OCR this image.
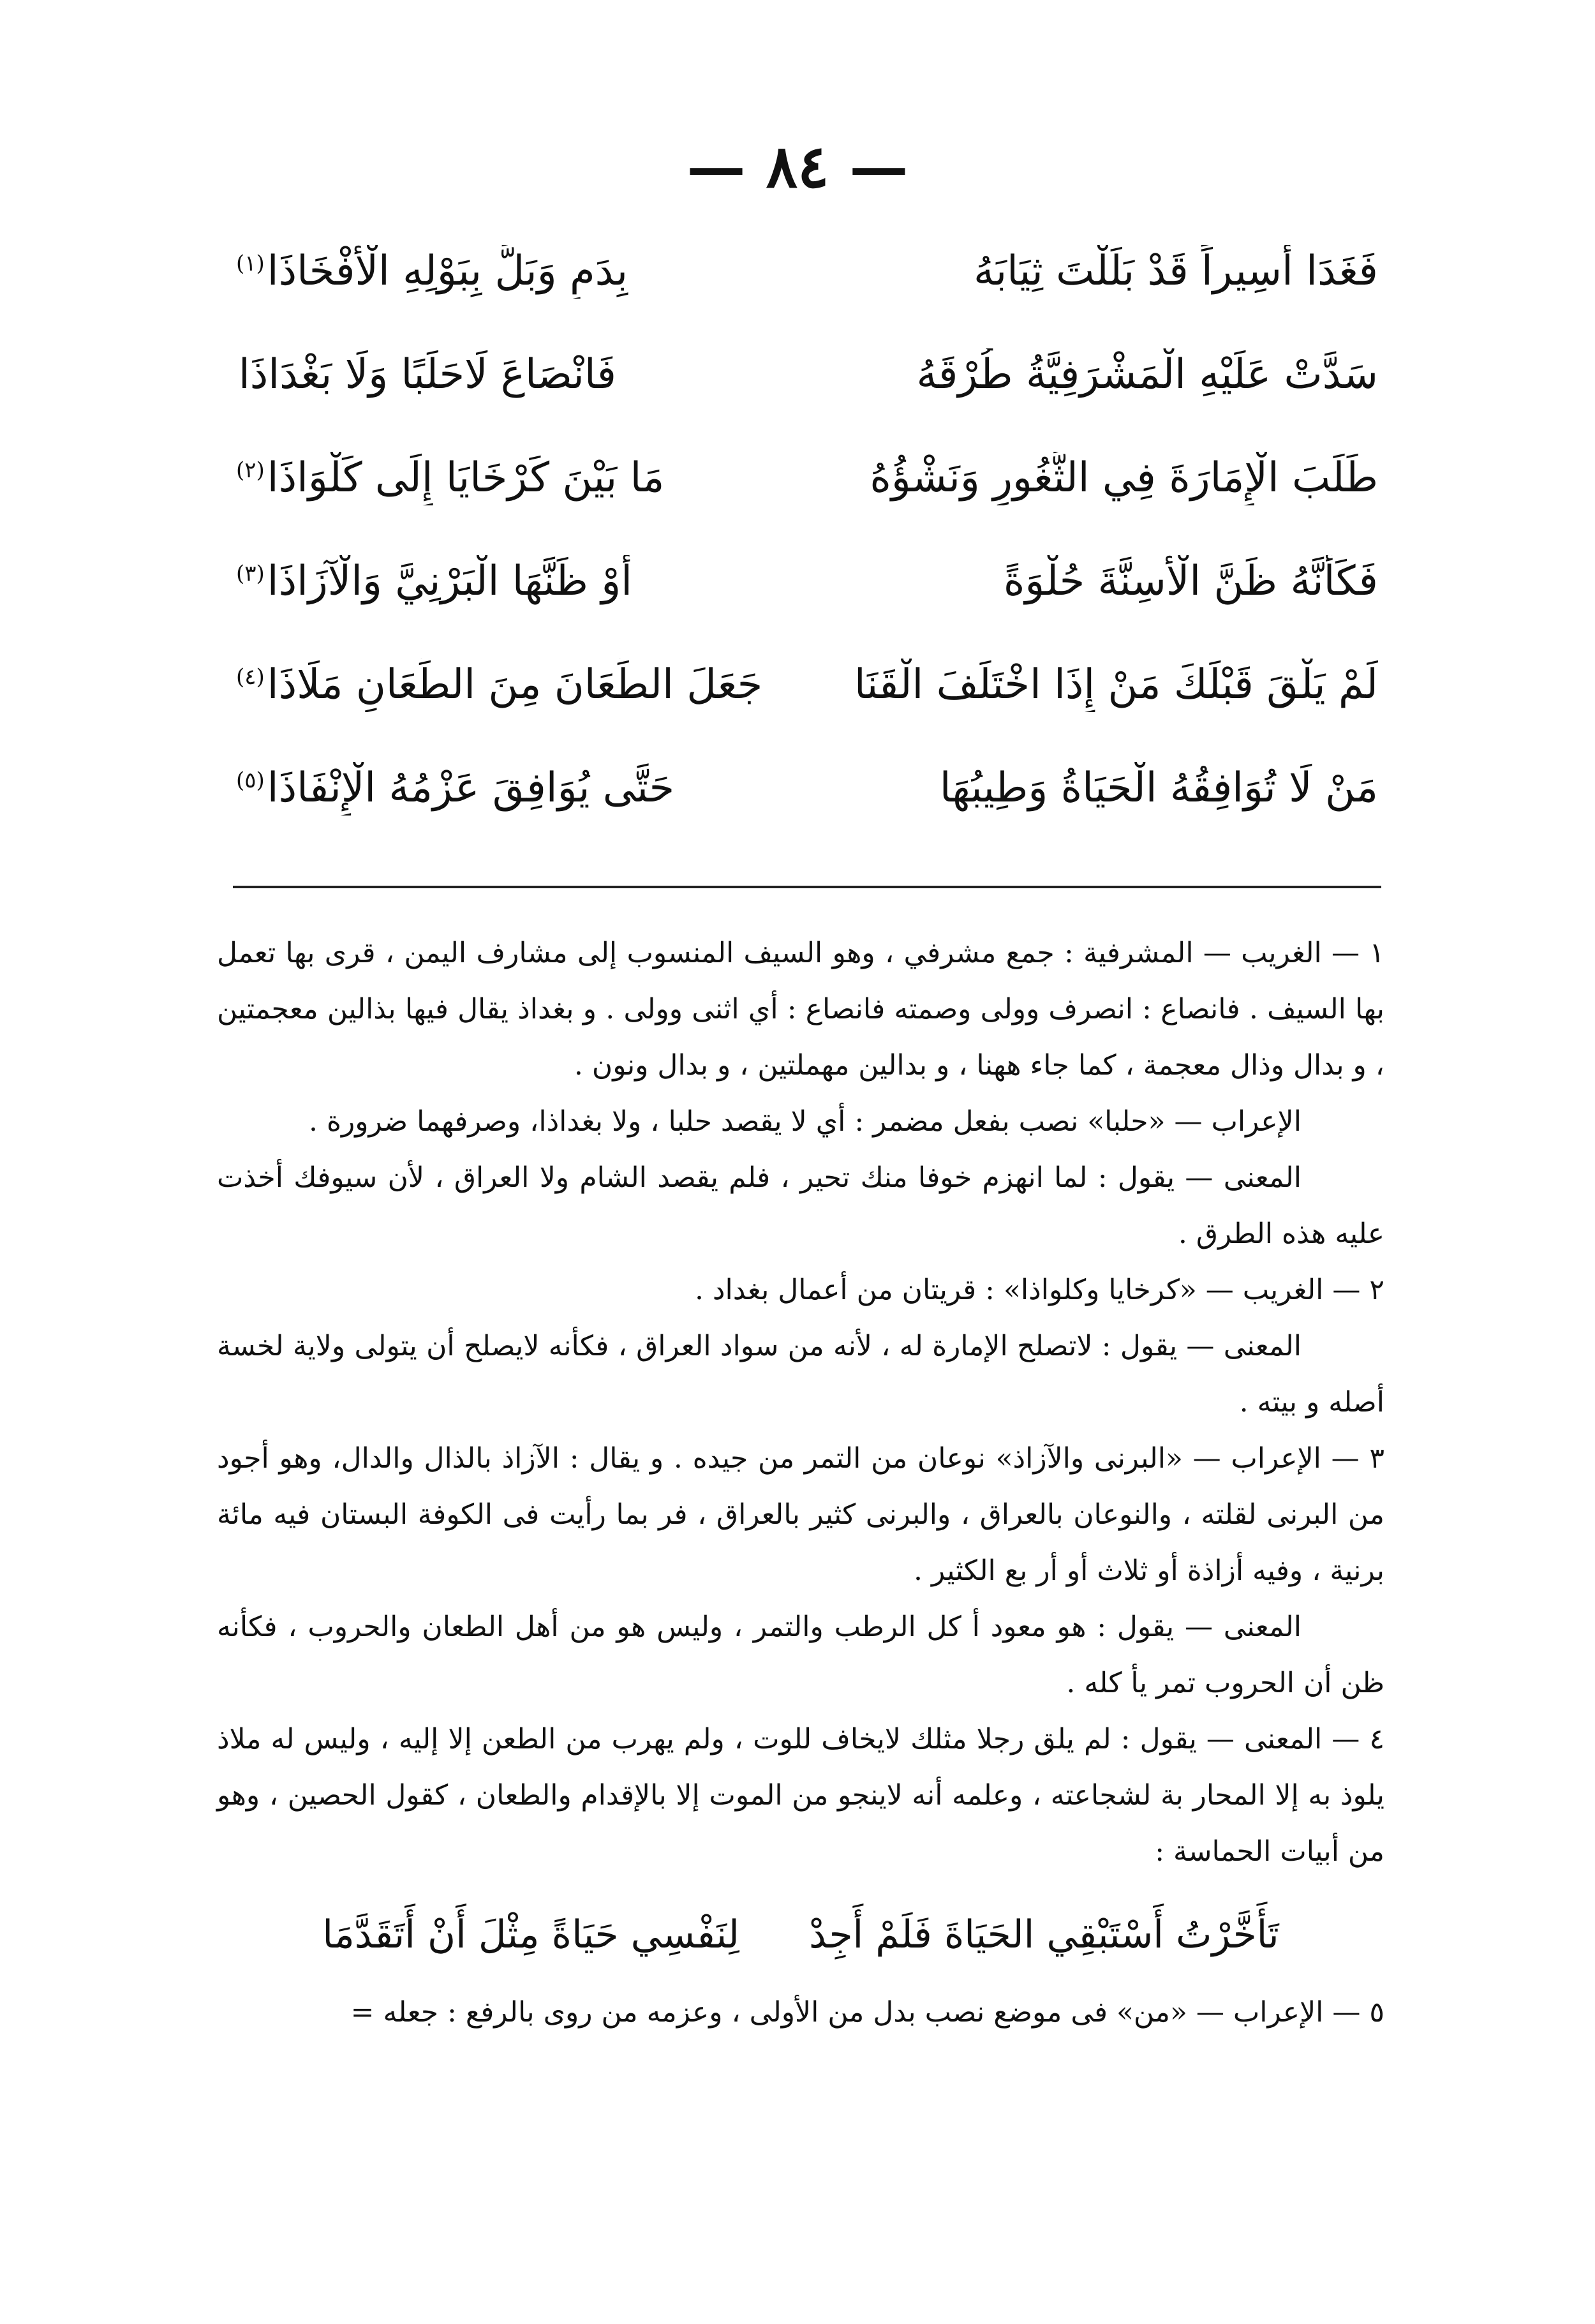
— ٨٤ —
فَغَدَا أَسِيراً قَدْ بَلَلْتَ ثِيَابَهُ
بِدَمٍ وَبَلَّ بِبَوْلِهِ الْأَفْخَاذَا$^{(١)}$
سَدَّتْ عَلَيْهِ الْمَشْرَفِيَّةُ طُرْقَهُ
فَانْصَاعَ لَاحَلَبًا وَلَا بَغْدَاذَا
طَلَبَ الْإِمَارَةَ فِي الثُّغُورِ وَنَشْؤُهُ
مَا بَيْنَ كَرْخَايَا إِلَى كَلْوَاذَا$^{(٢)}$
فَكَأَنَّهُ ظَنَّ الْأَسِنَّةَ حُلْوَةً
أَوْ ظَنَّهَا الْبَرْنِيَّ وَالْآزَاذَا$^{(٣)}$
لَمْ يَلْقَ قَبْلَكَ مَنْ إِذَا اخْتَلَفَ الْقَنَا
جَعَلَ الطِّعَانَ مِنَ الطِّعَانِ مَلَاذَا$^{(٤)}$
مَنْ لَا تُوَافِقُهُ الْحَيَاةُ وَطِيبُهَا
حَتَّى يُوَافِقَ عَزْمُهُ الْإِنْفَاذَا$^{(٥)}$

١ — الغريب — المشرفية : جمع مشرفي ، وهو السيف المنسوب إلى مشارف اليمن ، قرى بها تعمل بها السيف . فانصاع : انصرف وولى وصمته فانصاع : أي اثنى وولى . و بغداذ يقال فيها بذالين معجمتين ، و بدال وذال معجمة ، كما جاء ههنا ، و بدالين مهملتين ، و بدال ونون .

الإعراب — «حلبا» نصب بفعل مضمر : أي لا يقصد حلبا ، ولا بغداذا، وصرفهما ضرورة .

المعنى — يقول : لما انهزم خوفا منك تحير ، فلم يقصد الشام ولا العراق ، لأن سيوفك أخذت عليه هذه الطرق .

٢ — الغريب — «كرخايا وكلواذا» : قريتان من أعمال بغداد .

المعنى — يقول : لاتصلح الإمارة له ، لأنه من سواد العراق ، فكأنه لايصلح أن يتولى ولاية لخسة أصله و بيته .

٣ — الإعراب — «البرنى والآزاذ» نوعان من التمر من جيده . و يقال : الآزاذ بالذال والدال، وهو أجود من البرنى لقلته ، والنوعان بالعراق ، والبرنى كثير بالعراق ، فر بما رأيت فى الكوفة البستان فيه مائة برنية ، وفيه أزاذة أو ثلاث أو أر بع الكثير .

المعنى — يقول : هو معود أ كل الرطب والتمر ، وليس هو من أهل الطعان والحروب ، فكأنه ظن أن الحروب تمر يأ كله .

٤ — المعنى — يقول : لم يلق رجلا مثلك لايخاف للوت ، ولم يهرب من الطعن إلا إليه ، وليس له ملاذ يلوذ به إلا المحار بة لشجاعته ، وعلمه أنه لاينجو من الموت إلا بالإقدام والطعان ، كقول الحصين ، وهو من أبيات الحماسة :

تَأَخَّرْتُ أَسْتَبْقِي الحَيَاةَ فَلَمْ أَجِدْ لِنَفْسِي حَيَاةً مِثْلَ أَنْ أَتَقَدَّمَا

٥ — الإعراب — «من» فى موضع نصب بدل من الأولى ، وعزمه من روى بالرفع : جعله =
